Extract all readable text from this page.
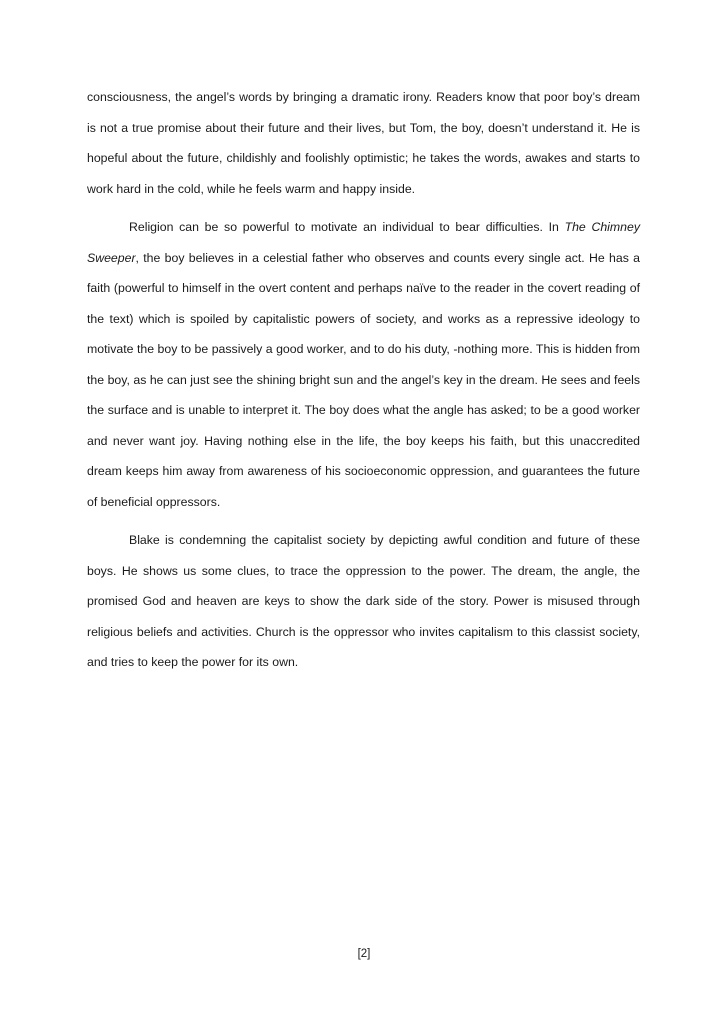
consciousness, the angel’s words by bringing a dramatic irony. Readers know that poor boy’s dream is not a true promise about their future and their lives, but Tom, the boy, doesn’t understand it. He is hopeful about the future, childishly and foolishly optimistic; he takes the words, awakes and starts to work hard in the cold, while he feels warm and happy inside.

Religion can be so powerful to motivate an individual to bear difficulties. In The Chimney Sweeper, the boy believes in a celestial father who observes and counts every single act. He has a faith (powerful to himself in the overt content and perhaps naïve to the reader in the covert reading of the text) which is spoiled by capitalistic powers of society, and works as a repressive ideology to motivate the boy to be passively a good worker, and to do his duty, -nothing more. This is hidden from the boy, as he can just see the shining bright sun and the angel’s key in the dream. He sees and feels the surface and is unable to interpret it. The boy does what the angle has asked; to be a good worker and never want joy. Having nothing else in the life, the boy keeps his faith, but this unaccredited dream keeps him away from awareness of his socioeconomic oppression, and guarantees the future of beneficial oppressors.

Blake is condemning the capitalist society by depicting awful condition and future of these boys. He shows us some clues, to trace the oppression to the power. The dream, the angle, the promised God and heaven are keys to show the dark side of the story. Power is misused through religious beliefs and activities. Church is the oppressor who invites capitalism to this classist society, and tries to keep the power for its own.

[2]
